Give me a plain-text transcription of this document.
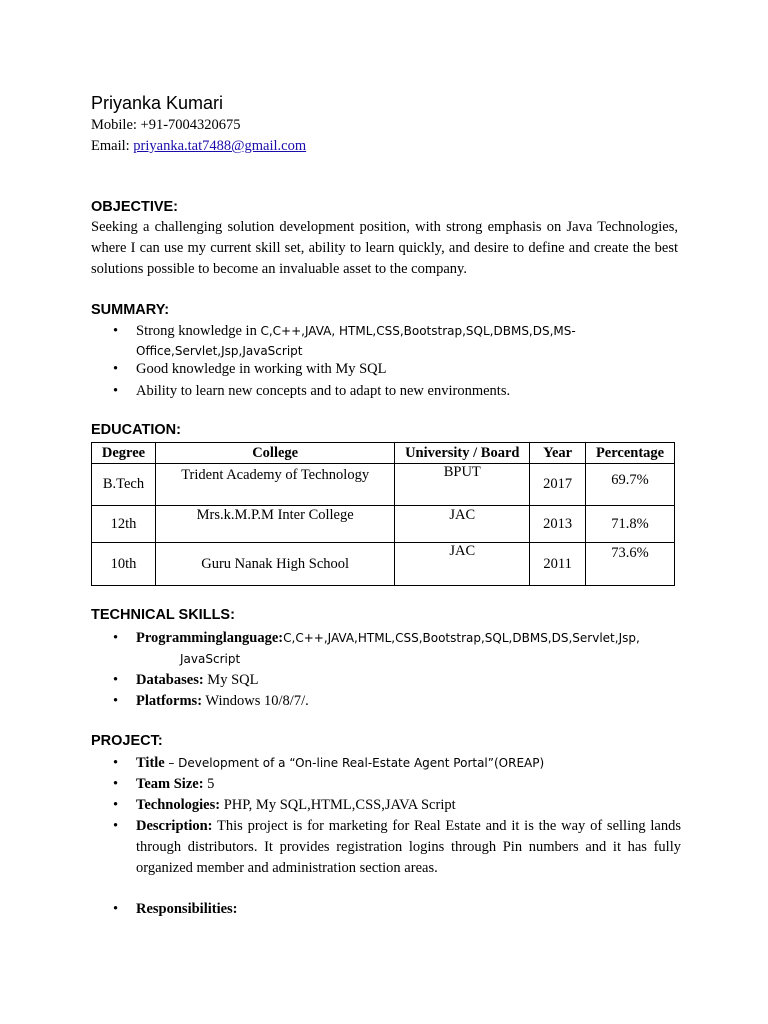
Priyanka Kumari
Mobile: +91-7004320675
Email: priyanka.tat7488@gmail.com
OBJECTIVE:
Seeking a challenging solution development position, with strong emphasis on Java Technologies, where I can use my current skill set, ability to learn quickly, and desire to define and create the best solutions possible to become an invaluable asset to the company.
SUMMARY:
• Strong knowledge in C,C++,JAVA, HTML,CSS,Bootstrap,SQL,DBMS,DS,MS-Office,Servlet,Jsp,JavaScript
• Good knowledge in working with My SQL
• Ability to learn new concepts and to adapt to new environments.
EDUCATION:
Degree	College	University / Board	Year	Percentage
B.Tech	Trident Academy of Technology	BPUT	2017	69.7%
12th	Mrs.k.M.P.M Inter College	JAC	2013	71.8%
10th	Guru Nanak High School	JAC	2011	73.6%
TECHNICAL SKILLS:
• Programminglanguage:C,C++,JAVA,HTML,CSS,Bootstrap,SQL,DBMS,DS,Servlet,Jsp,
JavaScript
• Databases: My SQL
• Platforms: Windows 10/8/7/.
PROJECT:
• Title – Development of a “On-line Real-Estate Agent Portal”(OREAP)
• Team Size: 5
• Technologies: PHP, My SQL,HTML,CSS,JAVA Script
• Description: This project is for marketing for Real Estate and it is the way of selling lands through distributors. It provides registration logins through Pin numbers and it has fully organized member and administration section areas.
• Responsibilities:
